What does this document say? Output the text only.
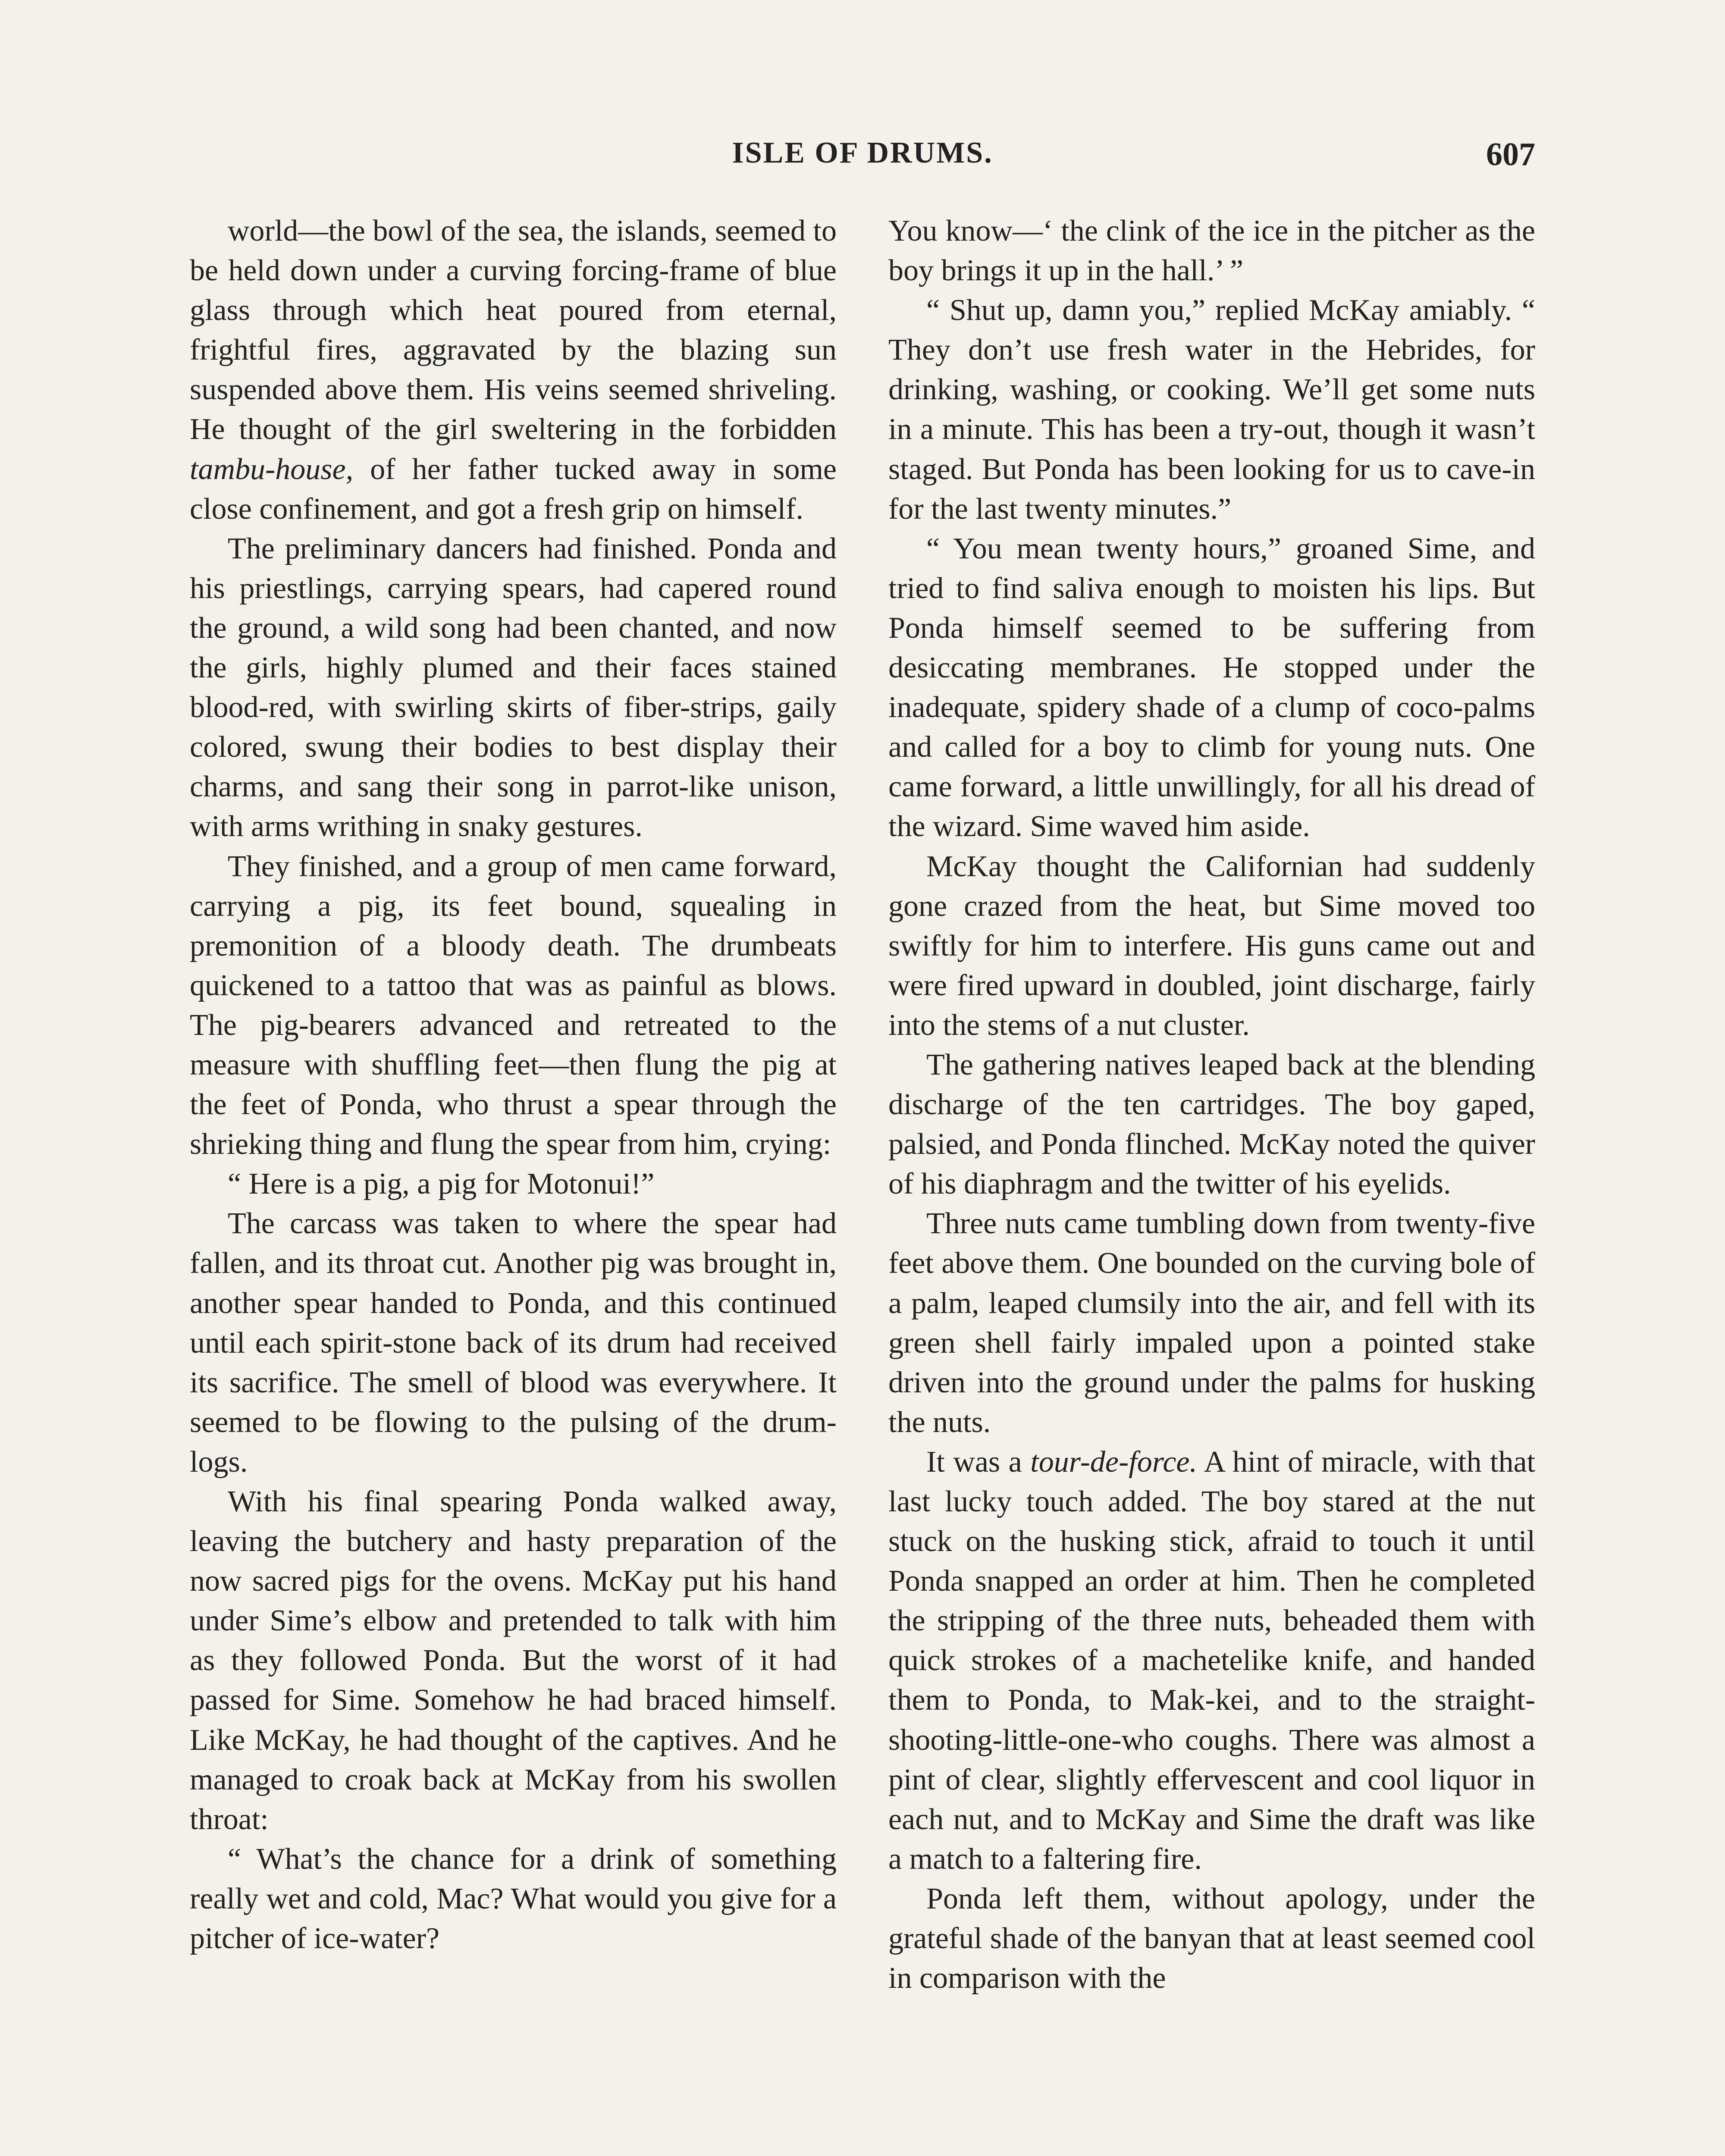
ISLE OF DRUMS.	607

world—the bowl of the sea, the islands, seemed to be held down under a curving forcing-frame of blue glass through which heat poured from eternal, frightful fires, aggravated by the blazing sun suspended above them. His veins seemed shriveling. He thought of the girl sweltering in the forbidden tambu-house, of her father tucked away in some close confinement, and got a fresh grip on himself.

The preliminary dancers had finished. Ponda and his priestlings, carrying spears, had capered round the ground, a wild song had been chanted, and now the girls, highly plumed and their faces stained blood-red, with swirling skirts of fiber-strips, gaily colored, swung their bodies to best display their charms, and sang their song in parrot-like unison, with arms writhing in snaky gestures.

They finished, and a group of men came forward, carrying a pig, its feet bound, squealing in premonition of a bloody death. The drumbeats quickened to a tattoo that was as painful as blows. The pig-bearers advanced and retreated to the measure with shuffling feet—then flung the pig at the feet of Ponda, who thrust a spear through the shrieking thing and flung the spear from him, crying:

“ Here is a pig, a pig for Motonui!”

The carcass was taken to where the spear had fallen, and its throat cut. Another pig was brought in, another spear handed to Ponda, and this continued until each spirit-stone back of its drum had received its sacrifice. The smell of blood was everywhere. It seemed to be flowing to the pulsing of the drum-logs.

With his final spearing Ponda walked away, leaving the butchery and hasty preparation of the now sacred pigs for the ovens. McKay put his hand under Sime’s elbow and pretended to talk with him as they followed Ponda. But the worst of it had passed for Sime. Somehow he had braced himself. Like McKay, he had thought of the captives. And he managed to croak back at McKay from his swollen throat:

“ What’s the chance for a drink of something really wet and cold, Mac? What would you give for a pitcher of ice-water?

You know—‘ the clink of the ice in the pitcher as the boy brings it up in the hall.’ ”

“ Shut up, damn you,” replied McKay amiably. “ They don’t use fresh water in the Hebrides, for drinking, washing, or cooking. We’ll get some nuts in a minute. This has been a try-out, though it wasn’t staged. But Ponda has been looking for us to cave-in for the last twenty minutes.”

“ You mean twenty hours,” groaned Sime, and tried to find saliva enough to moisten his lips. But Ponda himself seemed to be suffering from desiccating membranes. He stopped under the inadequate, spidery shade of a clump of coco-palms and called for a boy to climb for young nuts. One came forward, a little unwillingly, for all his dread of the wizard. Sime waved him aside.

McKay thought the Californian had suddenly gone crazed from the heat, but Sime moved too swiftly for him to interfere. His guns came out and were fired upward in doubled, joint discharge, fairly into the stems of a nut cluster.

The gathering natives leaped back at the blending discharge of the ten cartridges. The boy gaped, palsied, and Ponda flinched. McKay noted the quiver of his diaphragm and the twitter of his eyelids.

Three nuts came tumbling down from twenty-five feet above them. One bounded on the curving bole of a palm, leaped clumsily into the air, and fell with its green shell fairly impaled upon a pointed stake driven into the ground under the palms for husking the nuts.

It was a tour-de-force. A hint of miracle, with that last lucky touch added. The boy stared at the nut stuck on the husking stick, afraid to touch it until Ponda snapped an order at him. Then he completed the stripping of the three nuts, beheaded them with quick strokes of a machetelike knife, and handed them to Ponda, to Mak-kei, and to the straight-shooting-little-one-who coughs. There was almost a pint of clear, slightly effervescent and cool liquor in each nut, and to McKay and Sime the draft was like a match to a faltering fire.

Ponda left them, without apology, under the grateful shade of the banyan that at least seemed cool in comparison with the
